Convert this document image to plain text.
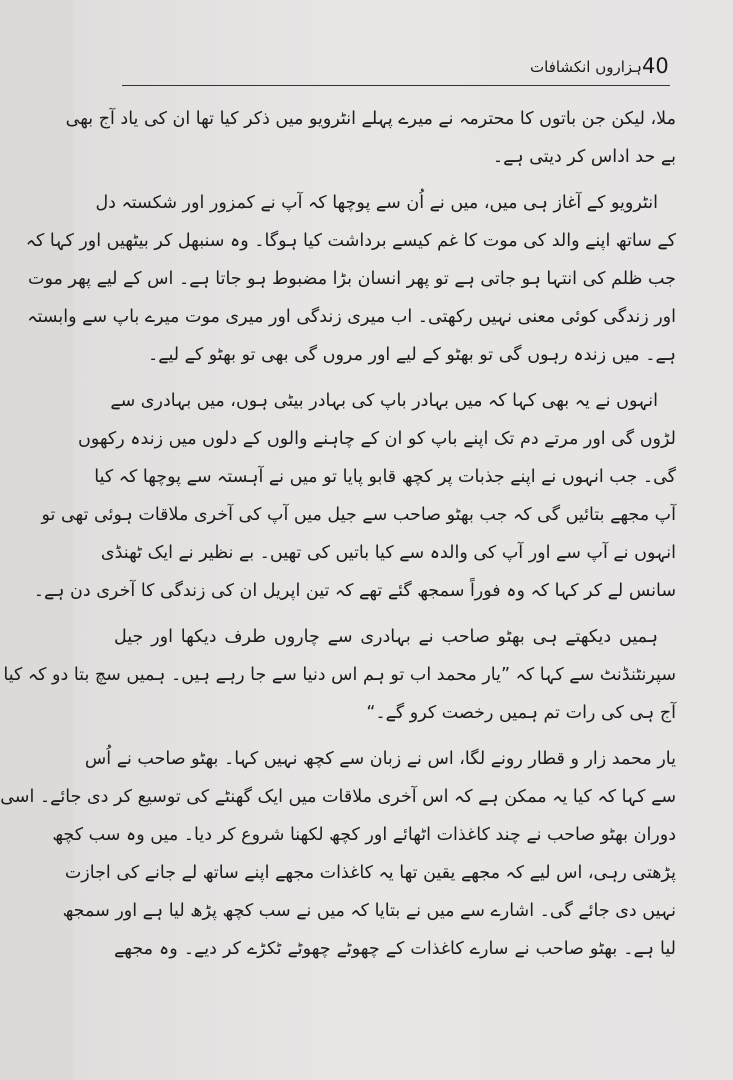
40
ہزاروں انکشافات
ملا، لیکن جن باتوں کا محترمہ نے میرے پہلے انٹرویو میں ذکر کیا تھا ان کی یاد آج بھی
بے حد اداس کر دیتی ہے۔
انٹرویو کے آغاز ہی میں، میں نے اُن سے پوچھا کہ آپ نے کمزور اور شکستہ دل
کے ساتھ اپنے والد کی موت کا غم کیسے برداشت کیا ہوگا۔ وہ سنبھل کر بیٹھیں اور کہا کہ
جب ظلم کی انتہا ہو جاتی ہے تو پھر انسان بڑا مضبوط ہو جاتا ہے۔ اس کے لیے پھر موت
اور زندگی کوئی معنی نہیں رکھتی۔ اب میری زندگی اور میری موت میرے باپ سے وابستہ
ہے۔ میں زندہ رہوں گی تو بھٹو کے لیے اور مروں گی بھی تو بھٹو کے لیے۔
انہوں نے یہ بھی کہا کہ میں بہادر باپ کی بہادر بیٹی ہوں، میں بہادری سے
لڑوں گی اور مرتے دم تک اپنے باپ کو ان کے چاہنے والوں کے دلوں میں زندہ رکھوں
گی۔ جب انہوں نے اپنے جذبات پر کچھ قابو پایا تو میں نے آہستہ سے پوچھا کہ کیا
آپ مجھے بتائیں گی کہ جب بھٹو صاحب سے جیل میں آپ کی آخری ملاقات ہوئی تھی تو
انہوں نے آپ سے اور آپ کی والدہ سے کیا باتیں کی تھیں۔ بے نظیر نے ایک ٹھنڈی
سانس لے کر کہا کہ وہ فوراً سمجھ گئے تھے کہ تین اپریل ان کی زندگی کا آخری دن ہے۔
ہمیں دیکھتے ہی بھٹو صاحب نے بہادری سے چاروں طرف دیکھا اور جیل
سپرنٹنڈنٹ سے کہا کہ ”یار محمد اب تو ہم اس دنیا سے جا رہے ہیں۔ ہمیں سچ بتا دو کہ کیا
آج ہی کی رات تم ہمیں رخصت کرو گے۔“
یار محمد زار و قطار رونے لگا، اس نے زبان سے کچھ نہیں کہا۔ بھٹو صاحب نے اُس
سے کہا کہ کیا یہ ممکن ہے کہ اس آخری ملاقات میں ایک گھنٹے کی توسیع کر دی جائے۔ اسی
دوران بھٹو صاحب نے چند کاغذات اٹھائے اور کچھ لکھنا شروع کر دیا۔ میں وہ سب کچھ
پڑھتی رہی، اس لیے کہ مجھے یقین تھا یہ کاغذات مجھے اپنے ساتھ لے جانے کی اجازت
نہیں دی جائے گی۔ اشارے سے میں نے بتایا کہ میں نے سب کچھ پڑھ لیا ہے اور سمجھ
لیا ہے۔ بھٹو صاحب نے سارے کاغذات کے چھوٹے چھوٹے ٹکڑے کر دیے۔ وہ مجھے
